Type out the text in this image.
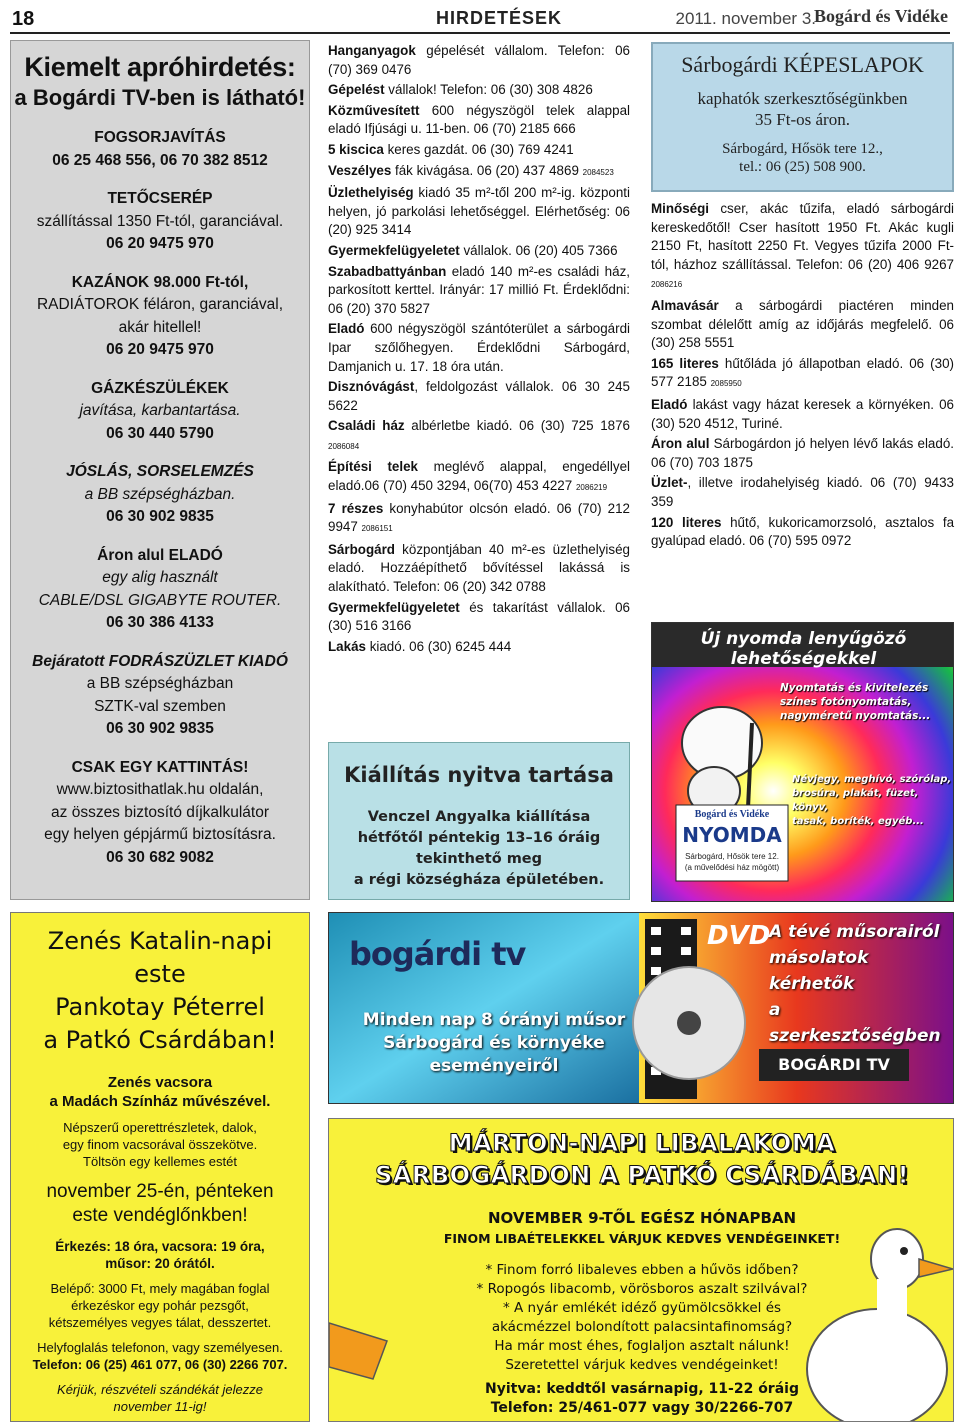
18	HIRDETÉSEK	2011. november 3.
Bogárd és Vidéke
Kiemelt apróhirdetés:
a Bogárdi TV-ben is látható!
FOGSORJAVÍTÁS
06 25 468 556, 06 70 382 8512
TETŐCSERÉP
szállítással 1350 Ft-tól, garanciával.
06 20 9475 970
KAZÁNOK 98.000 Ft-tól,
RADIÁTOROK féláron, garanciával,
akár hitellel!
06 20 9475 970
GÁZKÉSZÜLÉKEK
javítása, karbantartása.
06 30 440 5790
JÓSLÁS, SORSELEMZÉS
a BB szépségházban.
06 30 902 9835
Áron alul ELADÓ
egy alig használt
CABLE/DSL GIGABYTE ROUTER.
06 30 386 4133
Bejáratott FODRÁSZÜZLET KIADÓ
a BB szépségházban
SZTK-val szemben
06 30 902 9835
CSAK EGY KATTINTÁS!
www.biztosithatlak.hu oldalán,
az összes biztosító díjkalkulátor
egy helyen gépjármű biztosításra.
06 30 682 9082
Hanganyagok gépelését vállalom. Telefon: 06 (70) 369 0476
Gépelést vállalok! Telefon: 06 (30) 308 4826
Közművesített 600 négyszögöl telek alappal eladó Ifjúsági u. 11-ben. 06 (70) 2185 666
5 kiscica keres gazdát. 06 (30) 769 4241
Veszélyes fák kivágása. 06 (20) 437 4869 2084523
Üzlethelyiség kiadó 35 m²-től 200 m²-ig. központi helyen, jó parkolási lehetőséggel. Elérhetőség: 06 (20) 925 3414
Gyermekfelügyeletet vállalok. 06 (20) 405 7366
Szabadbattyánban eladó 140 m²-es családi ház, parkosított kerttel. Irányár: 17 millió Ft. Érdeklődni: 06 (20) 370 5827
Eladó 600 négyszögöl szántóterület a sárbogárdi Ipar szőlőhegyen. Érdeklődni Sárbogárd, Damjanich u. 17. 18 óra után.
Disznóvágást, feldolgozást vállalok. 06 30 245 5622
Családi ház albérletbe kiadó. 06 (30) 725 1876 2086084
Építési telek meglévő alappal, engedéllyel eladó.06 (70) 450 3294, 06(70) 453 4227 2086219
7 részes konyhabútor olcsón eladó. 06 (70) 212 9947 2086151
Sárbogárd központjában 40 m²-es üzlethelyiség eladó. Hozzáépíthető bővítéssel lakássá is alakítható. Telefon: 06 (20) 342 0788
Gyermekfelügyeletet és takarítást vállalok. 06 (30) 516 3166
Lakás kiadó. 06 (30) 6245 444
Kiállítás nyitva tartása
Venczel Angyalka kiállítása
hétfőtől péntekig 13–16 óráig
tekinthető meg
a régi községháza épületében.
Sárbogárdi KÉPESLAPOK
kaphatók szerkesztőségünkben
35 Ft-os áron.
Sárbogárd, Hősök tere 12.,
tel.: 06 (25) 508 900.
Minőségi cser, akác tűzifa, eladó sárbogárdi kereskedőtől! Cser hasított 1950 Ft. Akác kugli 2150 Ft, hasított 2250 Ft. Vegyes tűzifa 2000 Ft-tól, házhoz szállítással. Telefon: 06 (20) 406 9267 2086216
Almavásár a sárbogárdi piactéren minden szombat délelőtt amíg az időjárás megfelelő. 06 (30) 258 5551
165 literes hűtőláda jó állapotban eladó. 06 (30) 577 2185 2085950
Eladó lakást vagy házat keresek a környéken. 06 (30) 520 4512, Turiné.
Áron alul Sárbogárdon jó helyen lévő lakás eladó. 06 (70) 703 1875
Üzlet-, illetve irodahelyiség kiadó. 06 (70) 9433 359
120 literes hűtő, kukoricamorzsoló, asztalos fa gyalúpad eladó. 06 (70) 595 0972
Új nyomda lenyűgöző lehetőségekkel
Nyomtatás és kivitelezés
színes fotónyomtatás,
nagyméretű nyomtatás...
Névjegy, meghívó, szórólap,
brosúra, plakát, füzet, könyv,
tasak, boríték, egyéb...
Bogárd és Vidéke
NYOMDA
Sárbogárd, Hősök tere 12.
(a művelődési ház mögött)
Zenés Katalin-napi
este
Pankotay Péterrel
a Patkó Csárdában!
Zenés vacsora
a Madách Színház művészével.
Népszerű operettrészletek, dalok,
egy finom vacsorával összekötve.
Töltsön egy kellemes estét
november 25-én, pénteken
este vendéglőnkben!
Érkezés: 18 óra, vacsora: 19 óra,
műsor: 20 órától.
Belépő: 3000 Ft, mely magában foglal
érkezéskor egy pohár pezsgőt,
kétszemélyes vegyes tálat, desszertet.
Helyfoglalás telefonon, vagy személyesen.
Telefon: 06 (25) 461 077, 06 (30) 2266 707.
Kérjük, részvételi szándékát jelezze
november 11-ig!
bogárdi tv
Minden nap 8 órányi műsor
Sárbogárd és környéke
eseményeiről
DVD
A tévé műsorairól
másolatok kérhetők
a szerkesztőségben
BOGÁRDI TV
MÁRTON-NAPI LIBALAKOMA
SÁRBOGÁRDON A PATKÓ CSÁRDÁBAN!
NOVEMBER 9-TŐL EGÉSZ HÓNAPBAN
FINOM LIBAÉTELEKKEL VÁRJUK KEDVES VENDÉGEINKET!
* Finom forró libaleves ebben a hűvös időben?
* Ropogós libacomb, vörösboros aszalt szilvával?
* A nyár emlékét idéző gyümölcsökkel és
akácmézzel bolondított palacsintafinomság?
Ha már most éhes, foglaljon asztalt nálunk!
Szeretettel várjuk kedves vendégeinket!
Nyitva: keddtől vasárnapig, 11-22 óráig
Telefon: 25/461-077 vagy 30/2266-707
